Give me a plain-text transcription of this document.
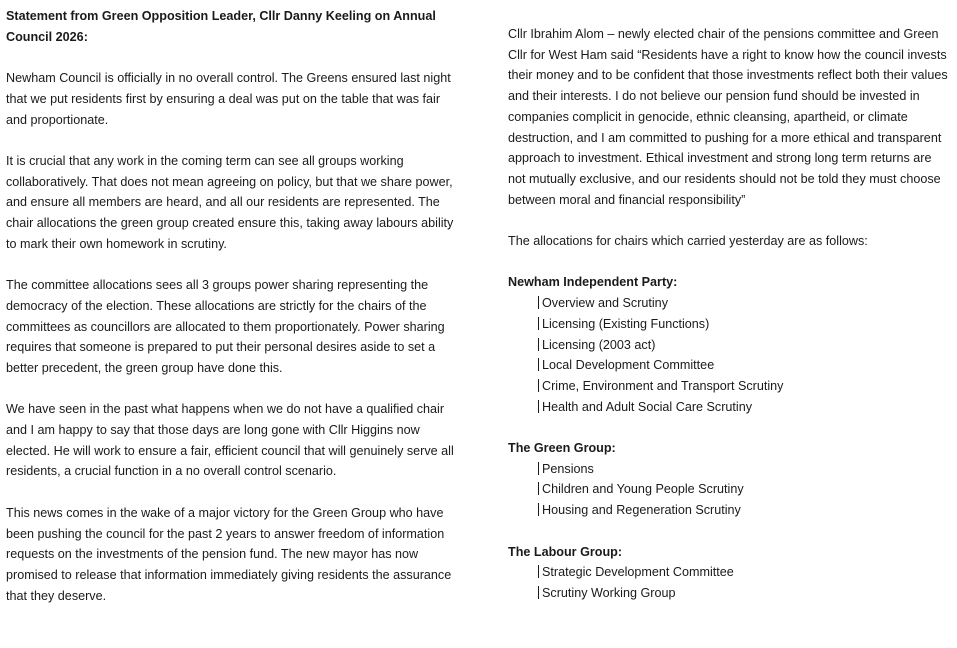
Statement from Green Opposition Leader, Cllr Danny Keeling on Annual Council 2026:

Newham Council is officially in no overall control. The Greens ensured last night that we put residents first by ensuring a deal was put on the table that was fair and proportionate.

It is crucial that any work in the coming term can see all groups working collaboratively. That does not mean agreeing on policy, but that we share power, and ensure all members are heard, and all our residents are represented. The chair allocations the green group created ensure this, taking away labours ability to mark their own homework in scrutiny.

The committee allocations sees all 3 groups power sharing representing the democracy of the election. These allocations are strictly for the chairs of the committees as councillors are allocated to them proportionately. Power sharing requires that someone is prepared to put their personal desires aside to set a better precedent, the green group have done this.

We have seen in the past what happens when we do not have a qualified chair and I am happy to say that those days are long gone with Cllr Higgins now elected. He will work to ensure a fair, efficient council that will genuinely serve all residents, a crucial function in a no overall control scenario.

This news comes in the wake of a major victory for the Green Group who have been pushing the council for the past 2 years to answer freedom of information requests on the investments of the pension fund. The new mayor has now promised to release that information immediately giving residents the assurance that they deserve.

Cllr Ibrahim Alom – newly elected chair of the pensions committee and Green Cllr for West Ham said “Residents have a right to know how the council invests their money and to be confident that those investments reflect both their values and their interests. I do not believe our pension fund should be invested in companies complicit in genocide, ethnic cleansing, apartheid, or climate destruction, and I am committed to pushing for a more ethical and transparent approach to investment. Ethical investment and strong long term returns are not mutually exclusive, and our residents should not be told they must choose between moral and financial responsibility”

The allocations for chairs which carried yesterday are as follows:

Newham Independent Party:

Overview and Scrutiny
Licensing (Existing Functions)
Licensing (2003 act)
Local Development Committee
Crime, Environment and Transport Scrutiny
Health and Adult Social Care Scrutiny

The Green Group:

Pensions
Children and Young People Scrutiny
Housing and Regeneration Scrutiny

The Labour Group:

Strategic Development Committee
Scrutiny Working Group
